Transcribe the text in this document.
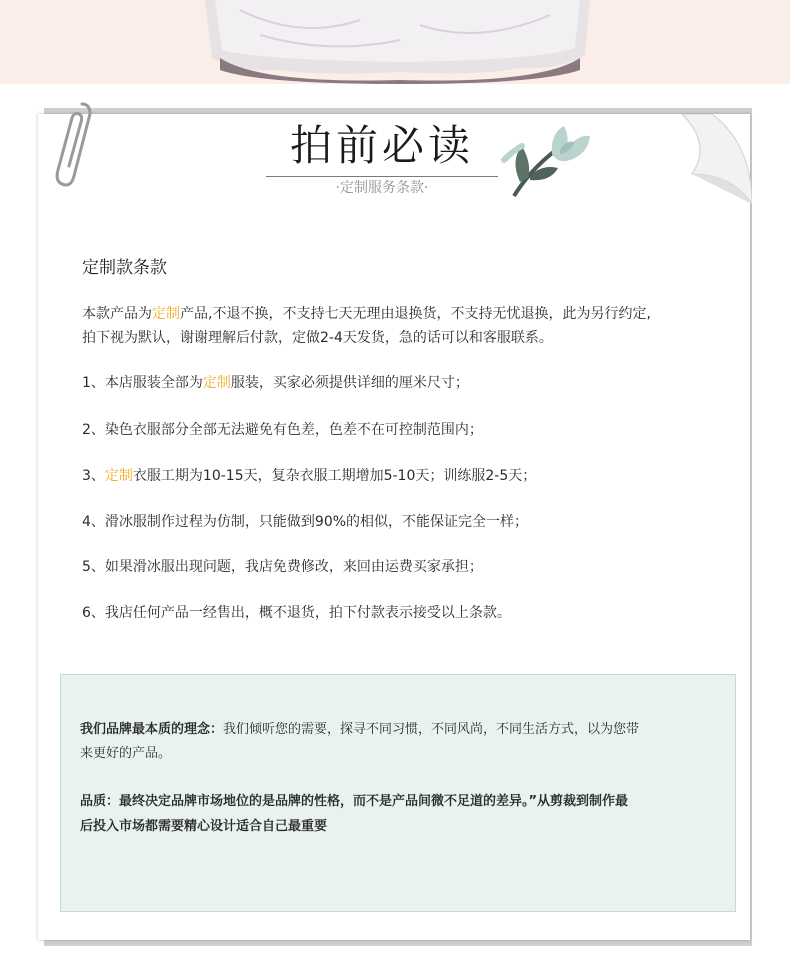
拍前必读
·定制服务条款·
定制款条款
本款产品为定制产品,不退不换，不支持七天无理由退换货，不支持无忧退换，此为另行约定,
拍下视为默认，谢谢理解后付款，定做2-4天发货，急的话可以和客服联系。
1、本店服装全部为定制服装，买家必须提供详细的厘米尺寸；
2、染色衣服部分全部无法避免有色差，色差不在可控制范围内；
3、定制衣服工期为10-15天，复杂衣服工期增加5-10天；训练服2-5天；
4、滑冰服制作过程为仿制，只能做到90%的相似，不能保证完全一样；
5、如果滑冰服出现问题，我店免费修改，来回由运费买家承担；
6、我店任何产品一经售出，概不退货，拍下付款表示接受以上条款。
我们品牌最本质的理念：我们倾听您的需要，探寻不同习惯，不同风尚，不同生活方式，以为您带
来更好的产品。
品质：最终决定品牌市场地位的是品牌的性格，而不是产品间微不足道的差异。”从剪裁到制作最
后投入市场都需要精心设计适合自己最重要
